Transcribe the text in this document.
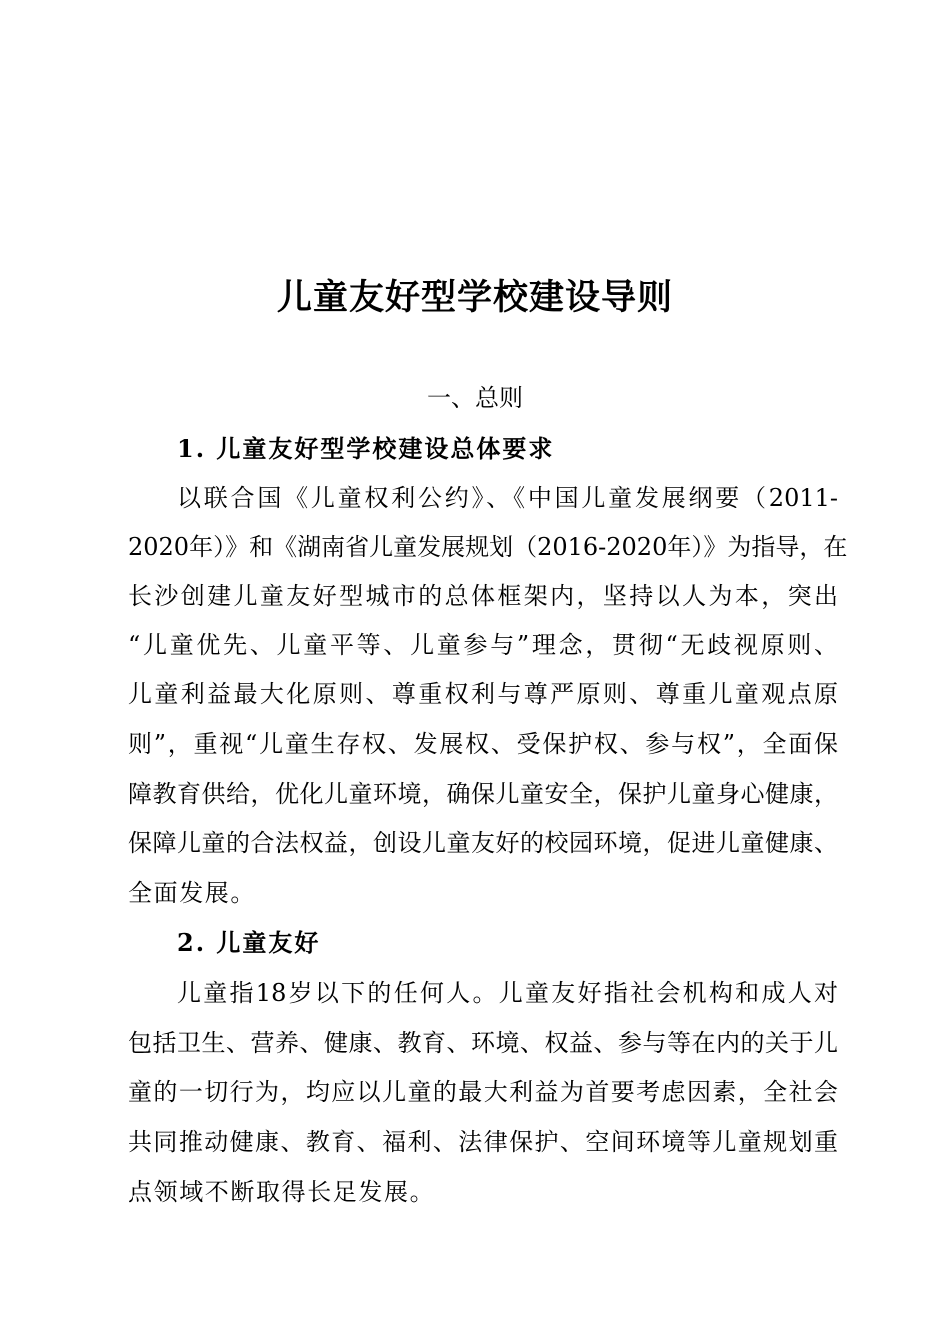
儿童友好型学校建设导则
一、总则
1. 儿童友好型学校建设总体要求
以联合国《儿童权利公约》、《中国儿童发展纲要（2011-
2020年）》和《湖南省儿童发展规划（2016-2020年）》为指导，在
长沙创建儿童友好型城市的总体框架内，坚持以人为本，突出
“儿童优先、儿童平等、儿童参与”理念，贯彻“无歧视原则、
儿童利益最大化原则、尊重权利与尊严原则、尊重儿童观点原
则”，重视“儿童生存权、发展权、受保护权、参与权”，全面保
障教育供给，优化儿童环境，确保儿童安全，保护儿童身心健康，
保障儿童的合法权益，创设儿童友好的校园环境，促进儿童健康、
全面发展。
2. 儿童友好
儿童指18岁以下的任何人。儿童友好指社会机构和成人对
包括卫生、营养、健康、教育、环境、权益、参与等在内的关于儿
童的一切行为，均应以儿童的最大利益为首要考虑因素，全社会
共同推动健康、教育、福利、法律保护、空间环境等儿童规划重
点领域不断取得长足发展。
